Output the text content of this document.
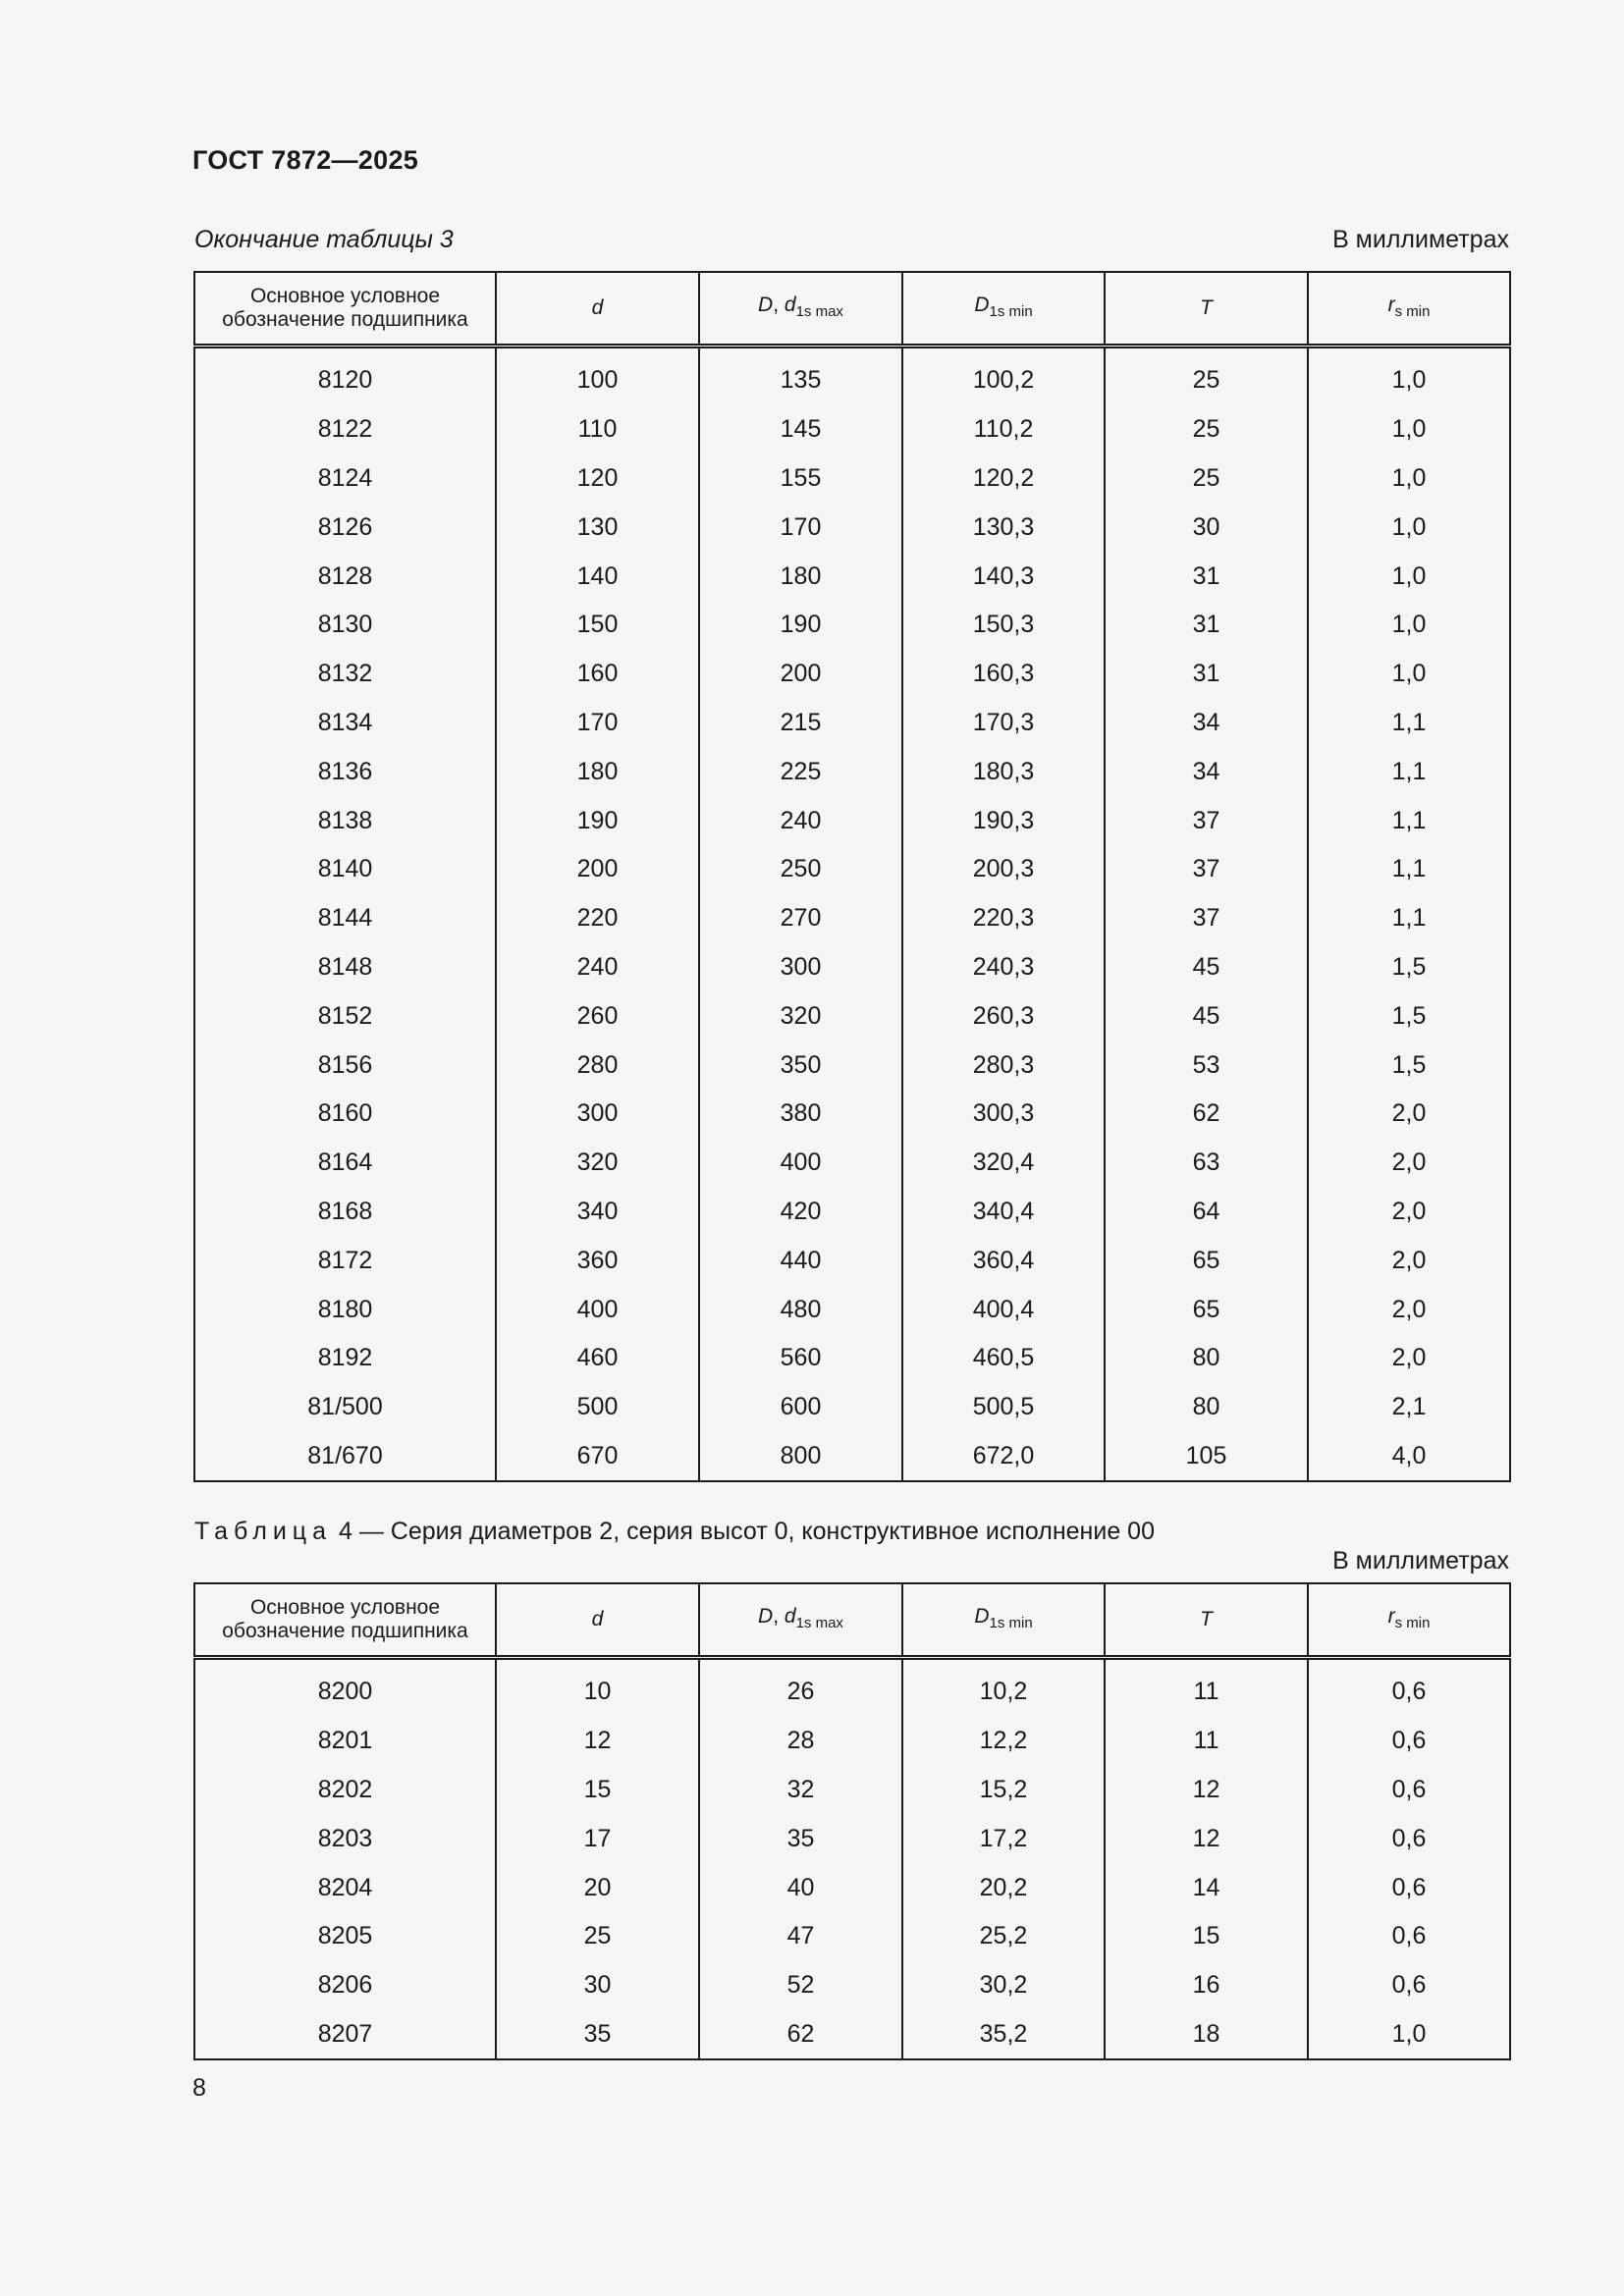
ГОСТ 7872—2025
Окончание таблицы 3	В миллиметрах
Основное условное обозначение подшипника	d	D, $d_{1s max}$	$D_{1s min}$	T	$r_{s min}$
8120	100	135	100,2	25	1,0
8122	110	145	110,2	25	1,0
8124	120	155	120,2	25	1,0
8126	130	170	130,3	30	1,0
8128	140	180	140,3	31	1,0
8130	150	190	150,3	31	1,0
8132	160	200	160,3	31	1,0
8134	170	215	170,3	34	1,1
8136	180	225	180,3	34	1,1
8138	190	240	190,3	37	1,1
8140	200	250	200,3	37	1,1
8144	220	270	220,3	37	1,1
8148	240	300	240,3	45	1,5
8152	260	320	260,3	45	1,5
8156	280	350	280,3	53	1,5
8160	300	380	300,3	62	2,0
8164	320	400	320,4	63	2,0
8168	340	420	340,4	64	2,0
8172	360	440	360,4	65	2,0
8180	400	480	400,4	65	2,0
8192	460	560	460,5	80	2,0
81/500	500	600	500,5	80	2,1
81/670	670	800	672,0	105	4,0
Таблица 4 — Серия диаметров 2, серия высот 0, конструктивное исполнение 00
В миллиметрах
Основное условное обозначение подшипника	d	D, $d_{1s max}$	$D_{1s min}$	T	$r_{s min}$
8200	10	26	10,2	11	0,6
8201	12	28	12,2	11	0,6
8202	15	32	15,2	12	0,6
8203	17	35	17,2	12	0,6
8204	20	40	20,2	14	0,6
8205	25	47	25,2	15	0,6
8206	30	52	30,2	16	0,6
8207	35	62	35,2	18	1,0
8
